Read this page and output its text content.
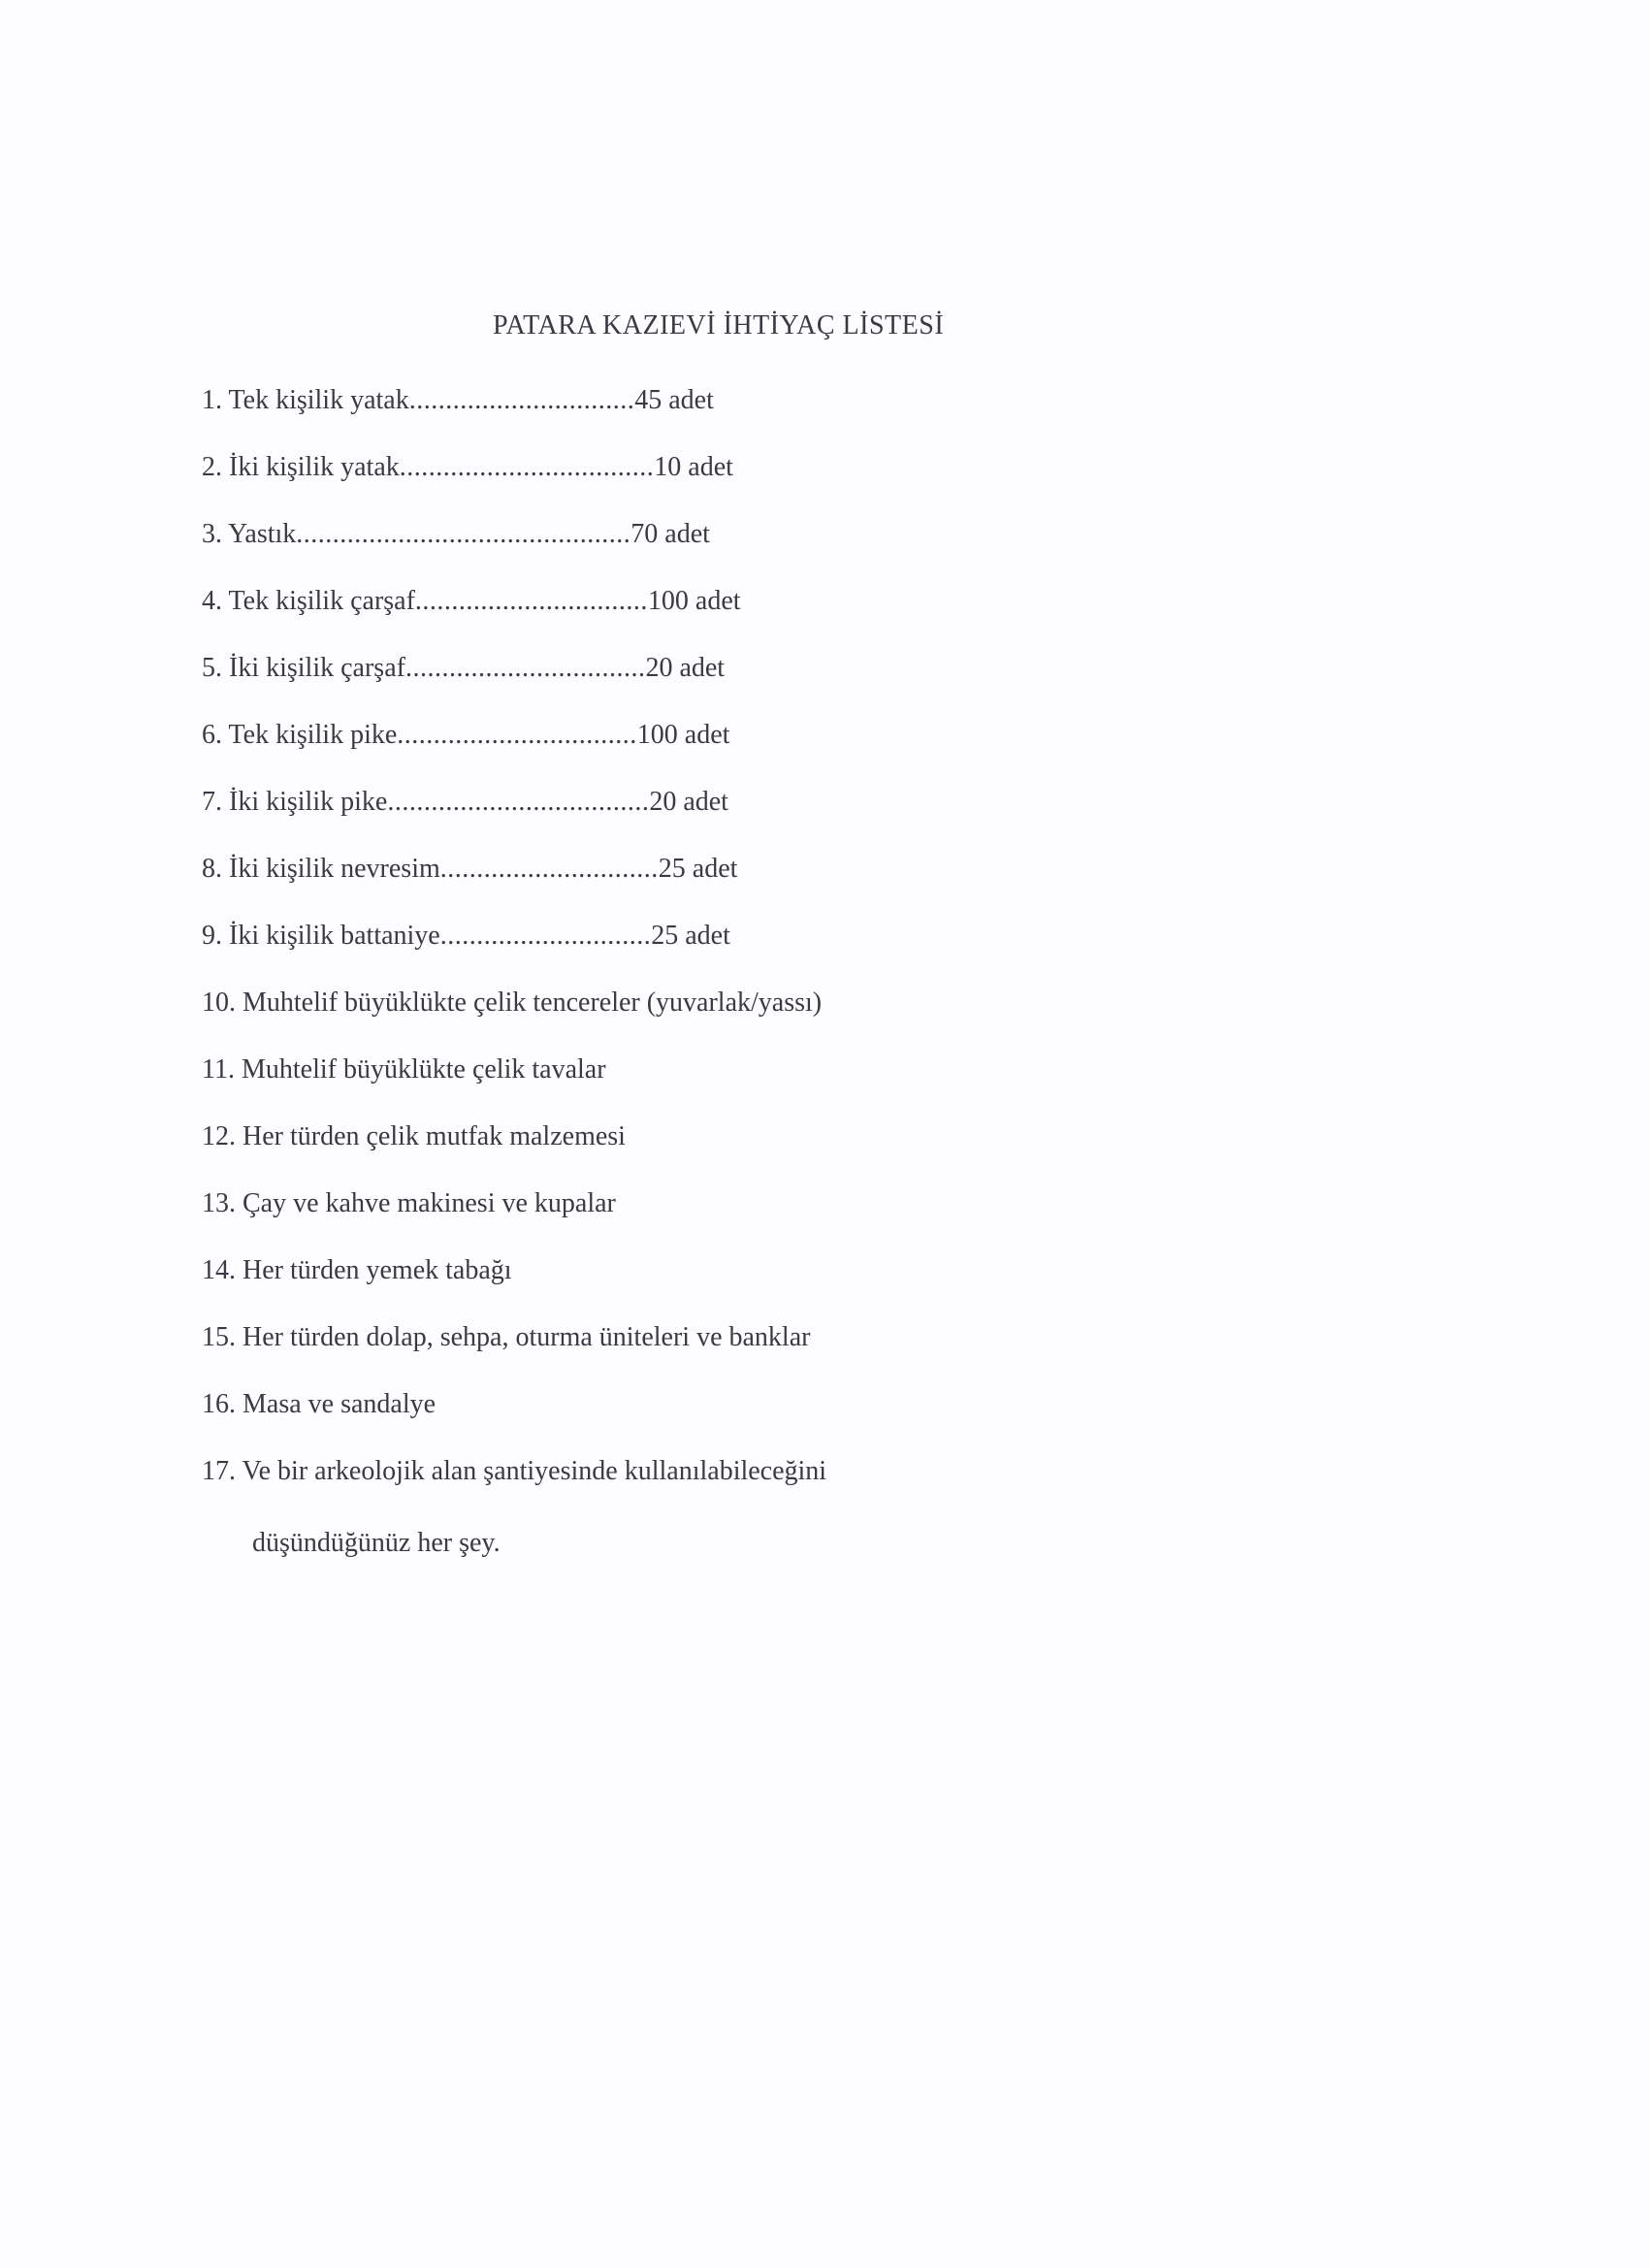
PATARA KAZIEVİ İHTİYAÇ LİSTESİ
1. Tek kişilik yatak...............................45 adet
2. İki kişilik yatak...................................10 adet
3. Yastık..............................................70 adet
4. Tek kişilik çarşaf................................100 adet
5. İki kişilik çarşaf.................................20 adet
6. Tek kişilik pike.................................100 adet
7. İki kişilik pike....................................20 adet
8. İki kişilik nevresim..............................25 adet
9. İki kişilik battaniye.............................25 adet
10. Muhtelif büyüklükte çelik tencereler (yuvarlak/yassı)
11. Muhtelif büyüklükte çelik tavalar
12. Her türden çelik mutfak malzemesi
13. Çay ve kahve makinesi ve kupalar
14. Her türden yemek tabağı
15. Her türden dolap, sehpa, oturma üniteleri ve banklar
16. Masa ve sandalye
17. Ve bir arkeolojik alan şantiyesinde kullanılabileceğini
düşündüğünüz her şey.
